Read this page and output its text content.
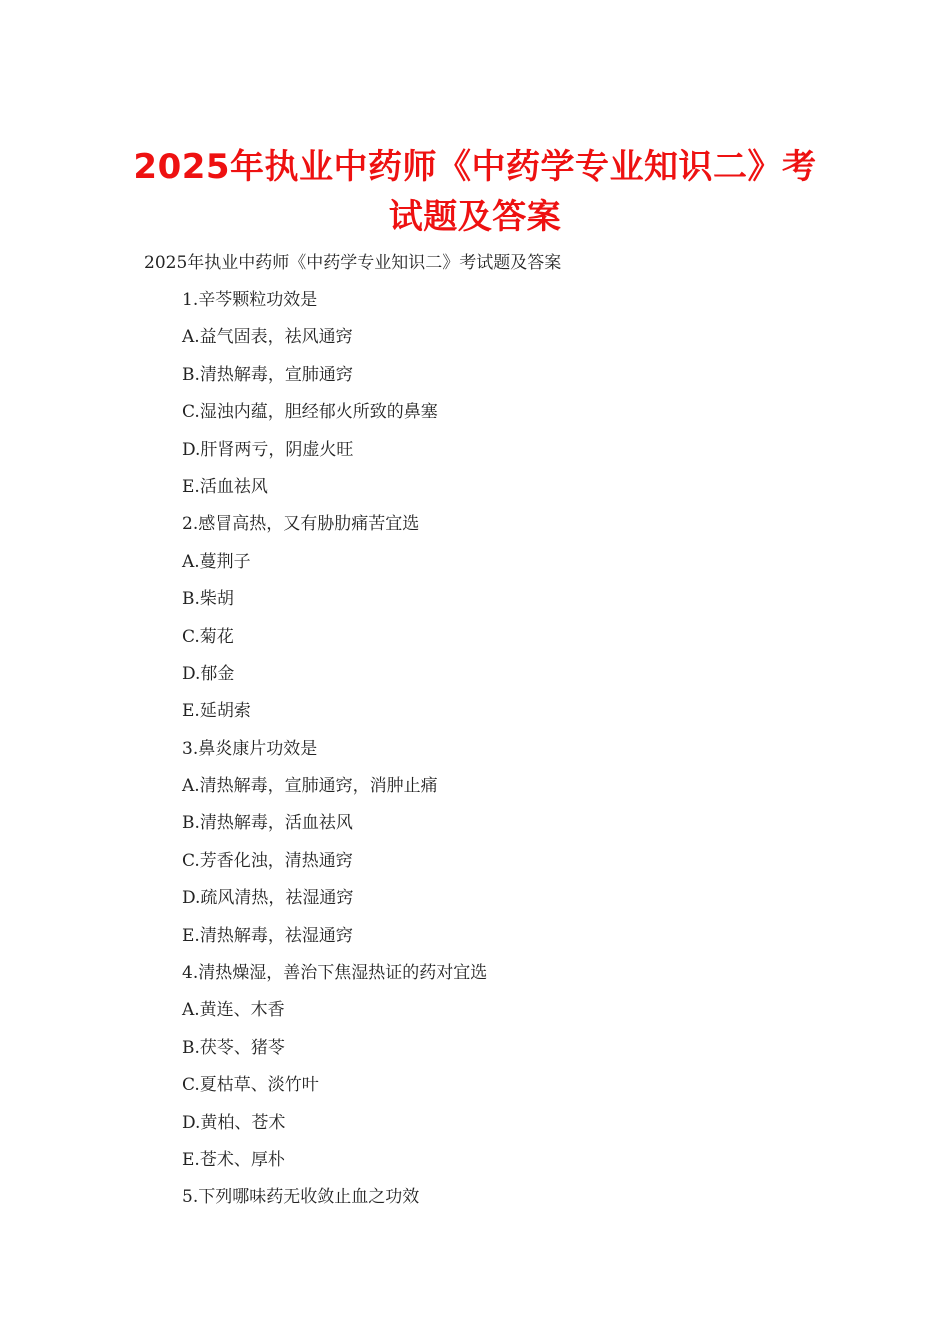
2025年执业中药师《中药学专业知识二》考试题及答案
2025年执业中药师《中药学专业知识二》考试题及答案
1.辛芩颗粒功效是
A.益气固表，祛风通窍
B.清热解毒，宣肺通窍
C.湿浊内蕴，胆经郁火所致的鼻塞
D.肝肾两亏，阴虚火旺
E.活血祛风
2.感冒高热，又有胁肋痛苦宜选
A.蔓荆子
B.柴胡
C.菊花
D.郁金
E.延胡索
3.鼻炎康片功效是
A.清热解毒，宣肺通窍，消肿止痛
B.清热解毒，活血祛风
C.芳香化浊，清热通窍
D.疏风清热，祛湿通窍
E.清热解毒，祛湿通窍
4.清热燥湿，善治下焦湿热证的药对宜选
A.黄连、木香
B.茯苓、猪苓
C.夏枯草、淡竹叶
D.黄柏、苍术
E.苍术、厚朴
5.下列哪味药无收敛止血之功效
